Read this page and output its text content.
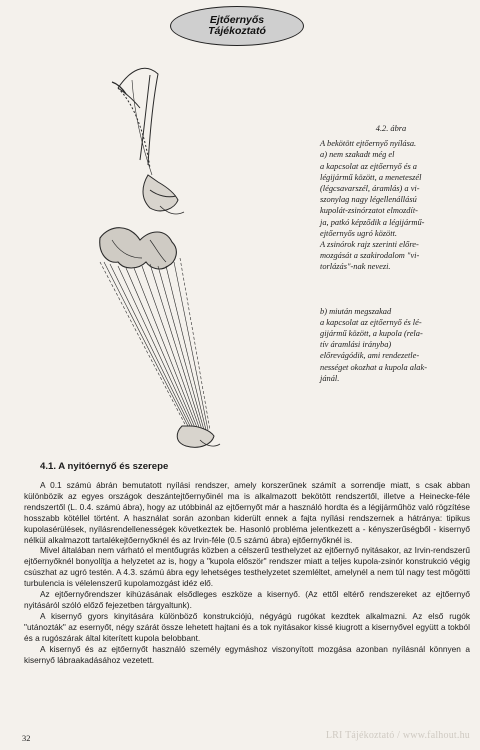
Ejtőernyős
Tájékoztató
4.2. ábra

A bekötött ejtőernyő nyílása.

a) nem szakadt még el

a kapcsolat az ejtőernyő és a

légijármű között, a meneteszél

(légcsavarszél, áramlás) a vi-

szonylag nagy légellenállású

kupolát-zsinórzatot elmozdít-

ja, patkó képződik a légijármű-

ejtőernyős ugró között.

A zsinórok rajz szerinti előre-

mozgását a szakirodalom "vi-

torlázás"-nak nevezi.

b) miután megszakad

a kapcsolat az ejtőernyő és lé-

gijármű között, a kupola (rela-

tív áramlási irányba)

előrevágódik, ami rendezetle-

nességet okozhat a kupola alak-

jánál.

4.1. A nyitóernyő és szerepe

A 0.1 számú ábrán bemutatott nyílási rendszer, amely korszerűnek számít a sorrendje miatt, s csak abban különbözik az egyes országok deszántejtőernyőinél ma is alkalmazott bekötött rendszertől, illetve a Heinecke-féle rendszertől (L. 0.4. számú ábra), hogy az utóbbinál az ejtőernyőt már a használó hordta és a légijárműhöz való rögzítése hosszabb kötéllel történt. A használat során azonban kiderült ennek a fajta nyílási rendszernek a hátránya: tipikus kupolasérülések, nyílásrendellenességek következtek be. Hasonló probléma jelentkezett a - kényszerűségből - kisernyő nélkül alkalmazott tartalékejtőernyőknél és az Irvin-féle (0.5 számú ábra) ejtőernyőknél is.

Mivel általában nem várható el mentőugrás közben a célszerű testhelyzet az ejtőernyő nyitásakor, az Irvin-rendszerű ejtőernyőknél bonyolítja a helyzetet az is, hogy a "kupola először" rendszer miatt a teljes kupola-zsinór konstrukció végig csúszhat az ugró testén. A 4.3. számú ábra egy lehetséges testhelyzetet szemléltet, amelynél a nem túl nagy test mögötti turbulencia is vélelenszerű kupolamozgást idéz elő.

Az ejtőernyőrendszer kihúzásának elsődleges eszköze a kisernyő. (Az ettől eltérő rendszereket az ejtőernyő nyitásáról szóló előző fejezetben tárgyaltunk).

A kisernyő gyors kinyitására különböző konstrukciójú, négyágú rugókat kezdtek alkalmazni. Az első rugók "utánozták" az esernyőt, négy szárát össze lehetett hajtani és a tok nyitásakor kissé kiugrott a kisernyővel együtt a tokból és a rugószárak által kiterített kupola belobbant.

A kisernyő és az ejtőernyőt használó személy egymáshoz viszonyított mozgása azonban nyílásnál könnyen a kisernyő lábraakadásához vezetett.

32	LRI Tájékoztató / www.falhout.hu
